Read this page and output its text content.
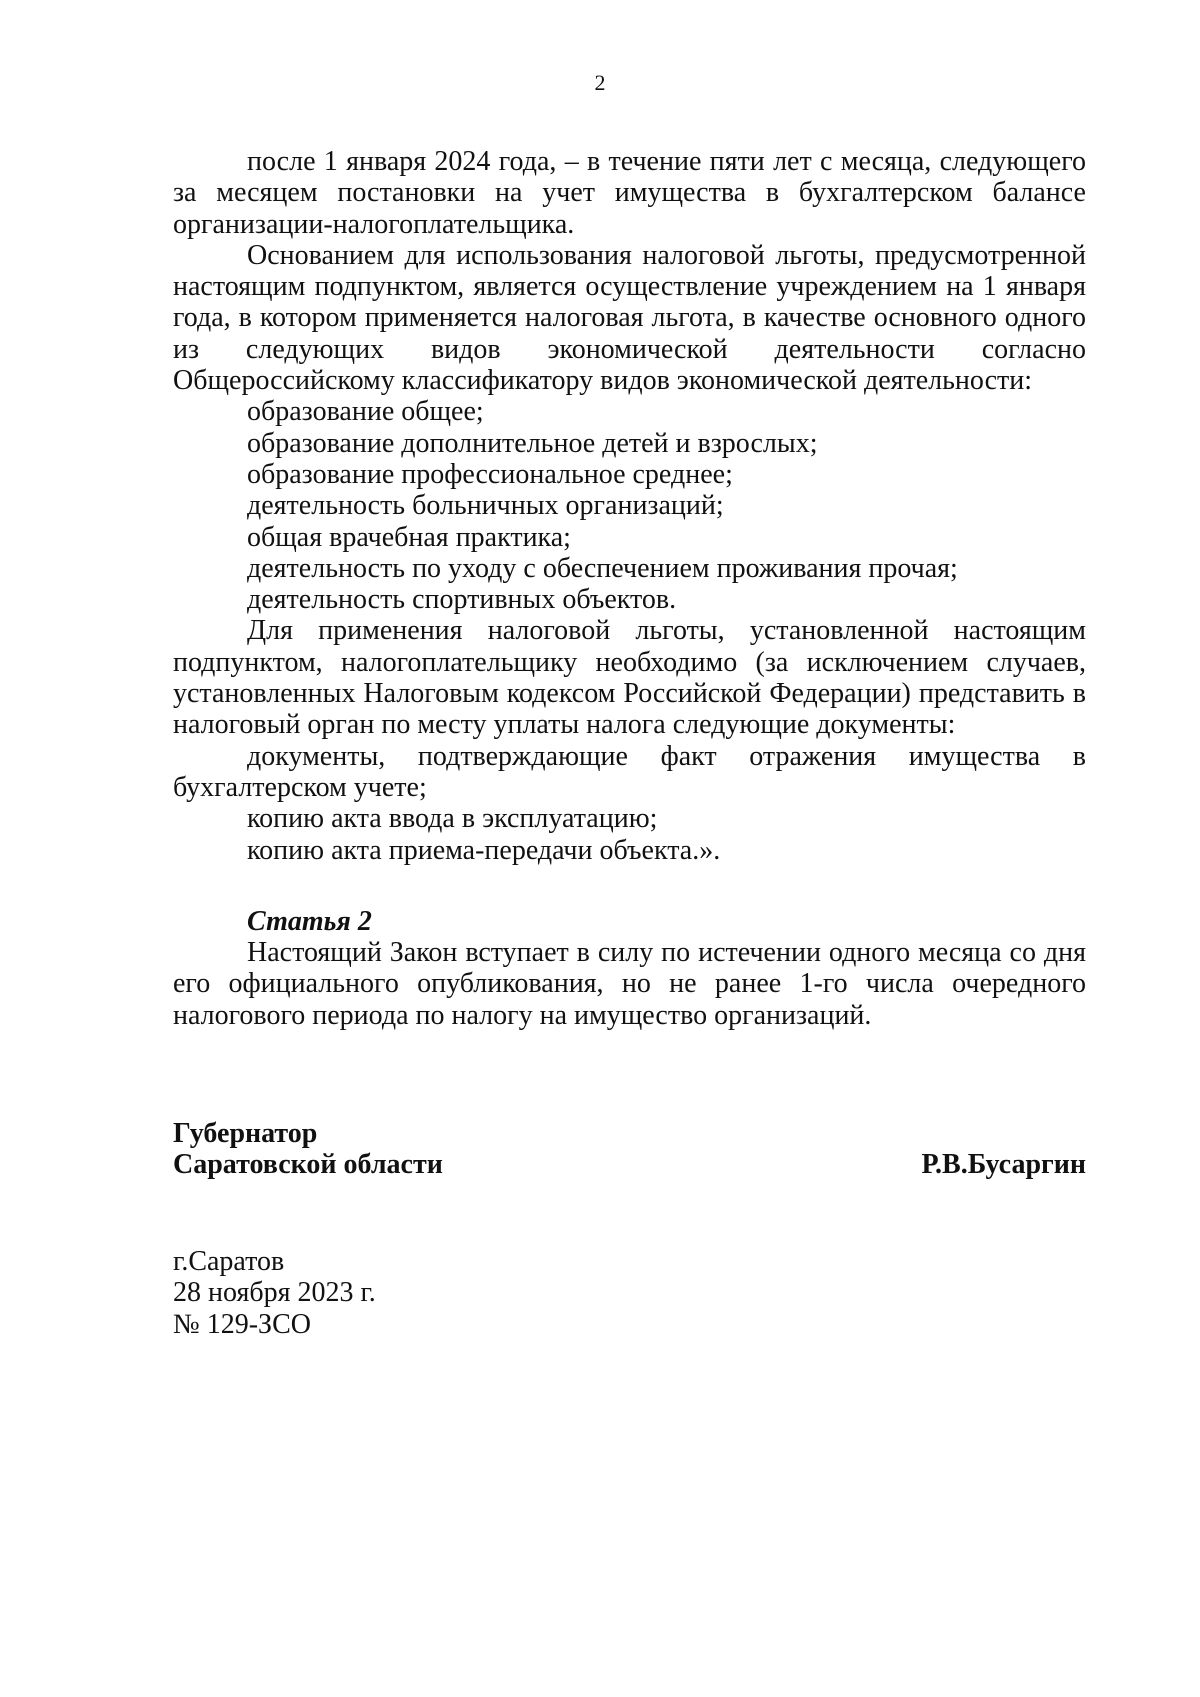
2

после 1 января 2024 года, – в течение пяти лет с месяца, следующего за месяцем постановки на учет имущества в бухгалтерском балансе организации-налогоплательщика.

Основанием для использования налоговой льготы, предусмотренной настоящим подпунктом, является осуществление учреждением на 1 января года, в котором применяется налоговая льгота, в качестве основного одного из следующих видов экономической деятельности согласно Общероссийскому классификатору видов экономической деятельности:

образование общее;

образование дополнительное детей и взрослых;

образование профессиональное среднее;

деятельность больничных организаций;

общая врачебная практика;

деятельность по уходу с обеспечением проживания прочая;

деятельность спортивных объектов.

Для применения налоговой льготы, установленной настоящим подпунктом, налогоплательщику необходимо (за исключением случаев, установленных Налоговым кодексом Российской Федерации) представить в налоговый орган по месту уплаты налога следующие документы:

документы, подтверждающие факт отражения имущества в бухгалтерском учете;

копию акта ввода в эксплуатацию;

копию акта приема-передачи объекта.».

Статья 2

Настоящий Закон вступает в силу по истечении одного месяца со дня его официального опубликования, но не ранее 1-го числа очередного налогового периода по налогу на имущество организаций.

Губернатор
Саратовской области	Р.В.Бусаргин
г.Саратов
28 ноября 2023 г.
№ 129-ЗСО
